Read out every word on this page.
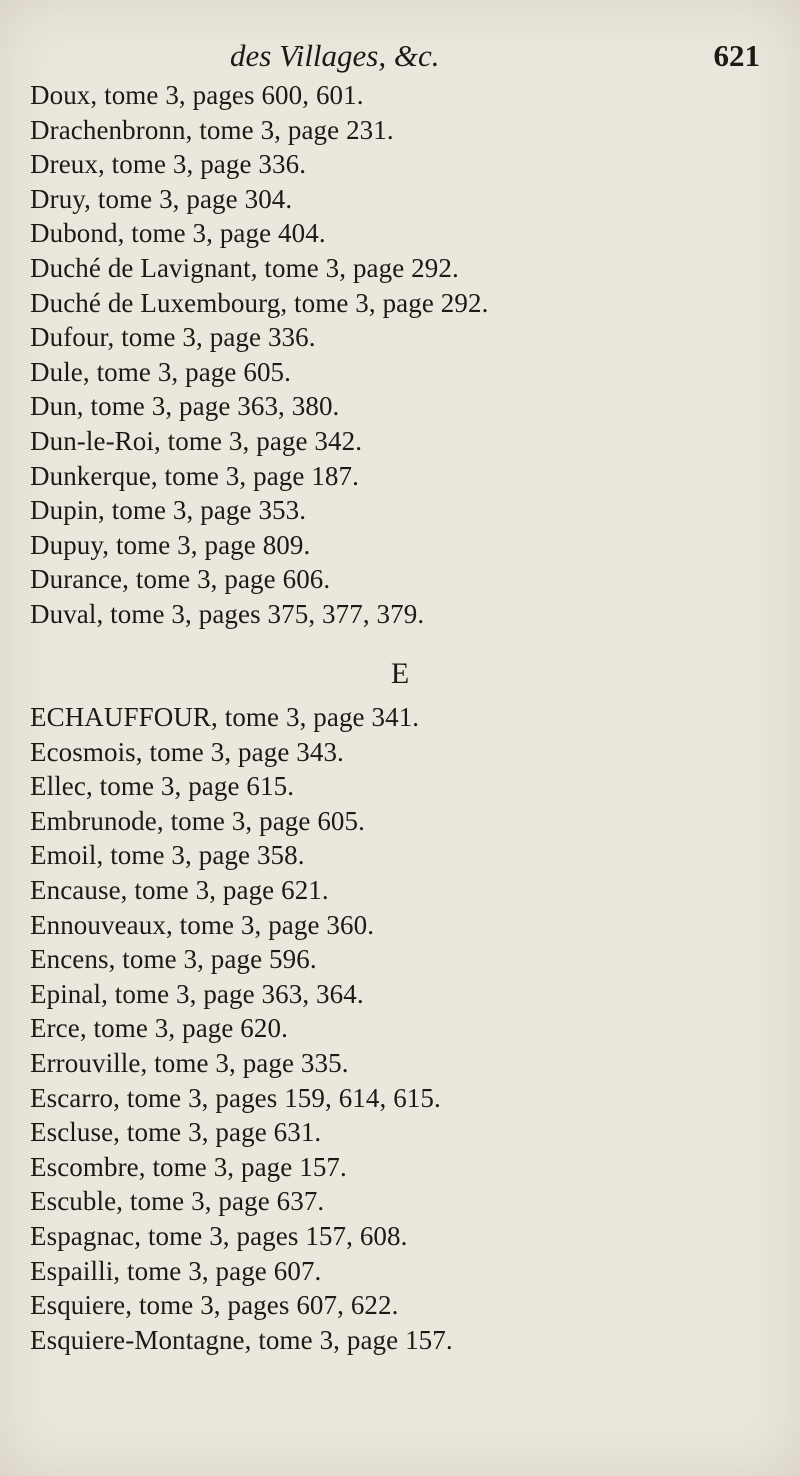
des Villages, &c.	621
Doux, tome 3, pages 600, 601.
Drachenbronn, tome 3, page 231.
Dreux, tome 3, page 336.
Druy, tome 3, page 304.
Dubond, tome 3, page 404.
Duché de Lavignant, tome 3, page 292.
Duché de Luxembourg, tome 3, page 292.
Dufour, tome 3, page 336.
Dule, tome 3, page 605.
Dun, tome 3, page 363, 380.
Dun-le-Roi, tome 3, page 342.
Dunkerque, tome 3, page 187.
Dupin, tome 3, page 353.
Dupuy, tome 3, page 809.
Durance, tome 3, page 606.
Duval, tome 3, pages 375, 377, 379.
E
ECHAUFFOUR, tome 3, page 341.
Ecosmois, tome 3, page 343.
Ellec, tome 3, page 615.
Embrunode, tome 3, page 605.
Emoil, tome 3, page 358.
Encause, tome 3, page 621.
Ennouveaux, tome 3, page 360.
Encens, tome 3, page 596.
Epinal, tome 3, page 363, 364.
Erce, tome 3, page 620.
Errouville, tome 3, page 335.
Escarro, tome 3, pages 159, 614, 615.
Escluse, tome 3, page 631.
Escombre, tome 3, page 157.
Escuble, tome 3, page 637.
Espagnac, tome 3, pages 157, 608.
Espailli, tome 3, page 607.
Esquiere, tome 3, pages 607, 622.
Esquiere-Montagne, tome 3, page 157.
